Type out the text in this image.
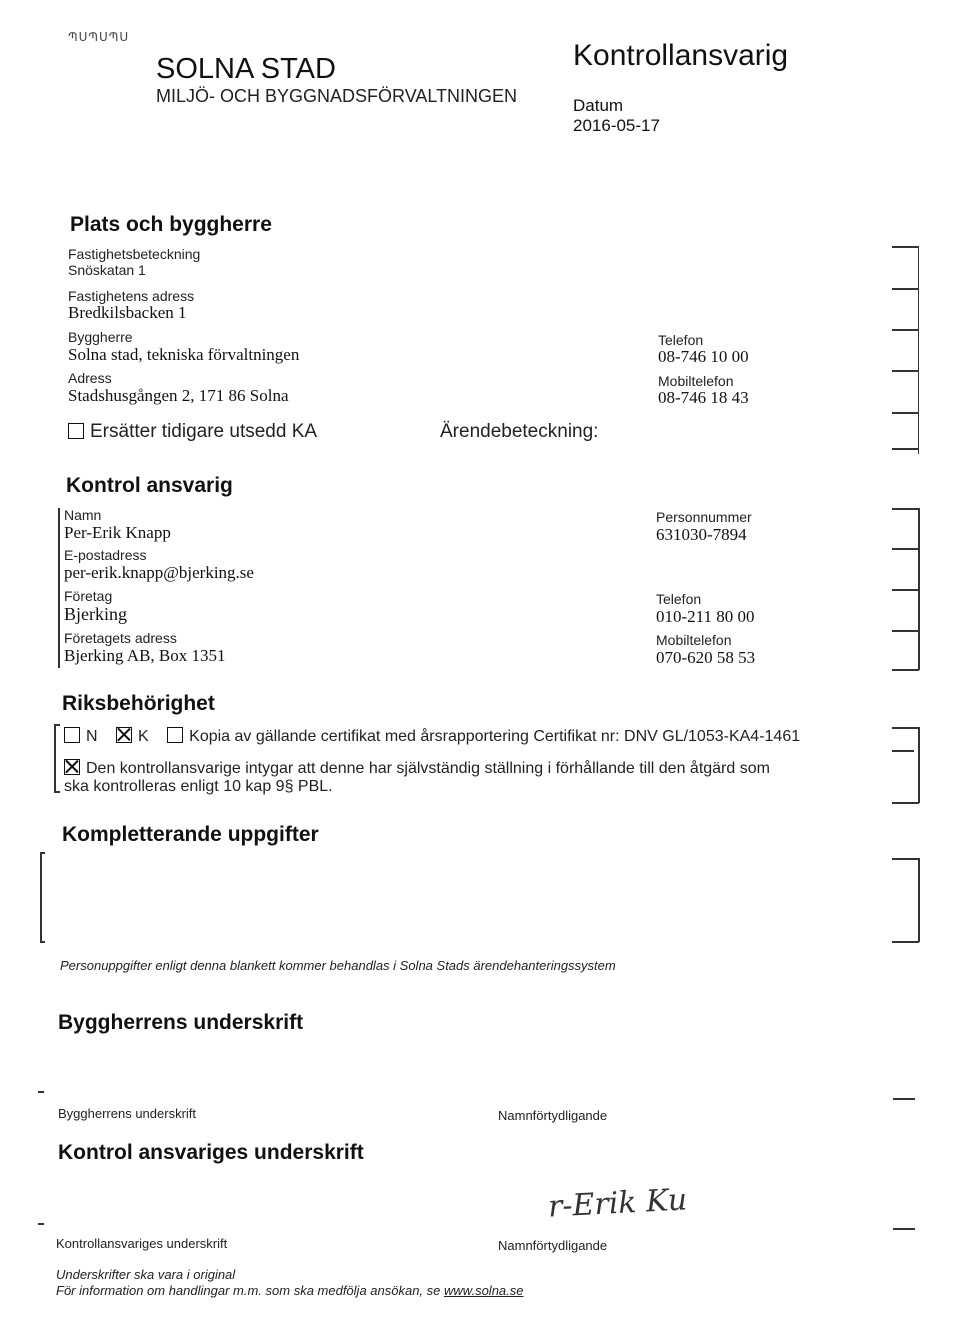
ՊՍՊՍՊՍ
SOLNA STAD
MILJÖ- OCH BYGGNADSFÖRVALTNINGEN
Kontrollansvarig
Datum
2016-05-17
Plats och byggherre
Fastighetsbeteckning
Snöskatan 1
Fastighetens adress
Bredkilsbacken 1
Byggherre
Solna stad, tekniska förvaltningen
Adress
Stadshusgången 2, 171 86 Solna
Telefon
08-746 10 00
Mobiltelefon
08-746 18 43
Ersätter tidigare utsedd KA	Ärendebeteckning:
Kontrol ansvarig
Namn
Per-Erik Knapp
E-postadress
per-erik.knapp@bjerking.se
Företag
Bjerking
Företagets adress
Bjerking AB, Box 1351
Personnummer
631030-7894
Telefon
010-211 80 00
Mobiltelefon
070-620 58 53
Riksbehörighet
N	K	Kopia av gällande certifikat med årsrapportering Certifikat nr: DNV GL/1053-KA4-1461
Den kontrollansvarige intygar att denne har självständig ställning i förhållande till den åtgärd som
ska kontrolleras enligt 10 kap 9§ PBL.
Kompletterande uppgifter
Personuppgifter enligt denna blankett kommer behandlas i Solna Stads ärendehanteringssystem
Byggherrens underskrift
Byggherrens underskrift	Namnförtydligande
Kontrol ansvariges underskrift
r-Erik Ku
Kontrollansvariges underskrift	Namnförtydligande
Underskrifter ska vara i original
För information om handlingar m.m. som ska medfölja ansökan, se www.solna.se
